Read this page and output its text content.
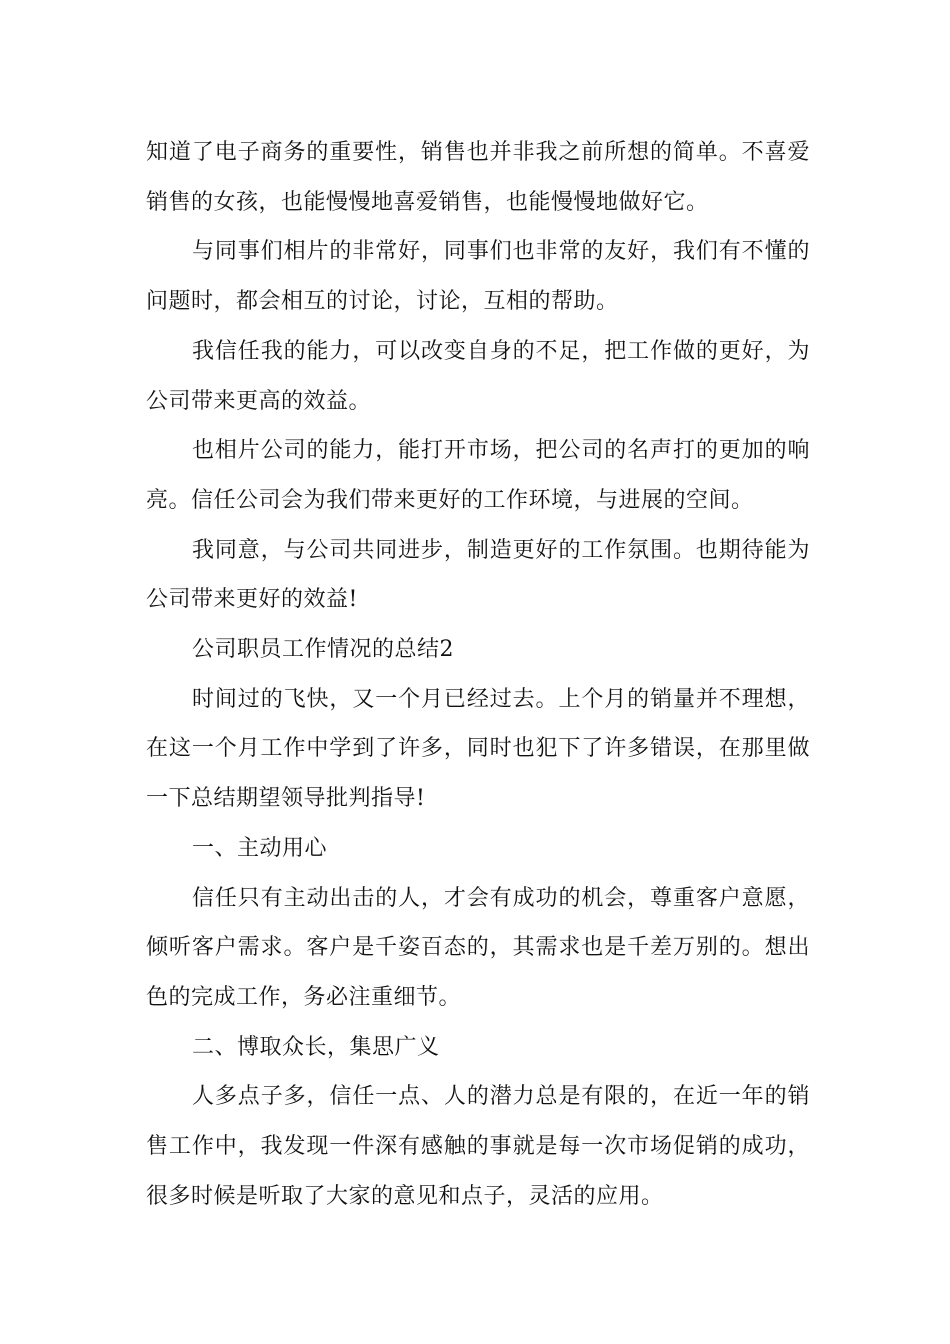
知道了电子商务的重要性，销售也并非我之前所想的简单。不喜爱销售的女孩，也能慢慢地喜爱销售，也能慢慢地做好它。

与同事们相片的非常好，同事们也非常的友好，我们有不懂的问题时，都会相互的讨论，讨论，互相的帮助。

我信任我的能力，可以改变自身的不足，把工作做的更好，为公司带来更高的效益。

也相片公司的能力，能打开市场，把公司的名声打的更加的响亮。信任公司会为我们带来更好的工作环境，与进展的空间。

我同意，与公司共同进步，制造更好的工作氛围。也期待能为公司带来更好的效益!

公司职员工作情况的总结2

时间过的飞快，又一个月已经过去。上个月的销量并不理想，在这一个月工作中学到了许多，同时也犯下了许多错误，在那里做一下总结期望领导批判指导!

一、主动用心

信任只有主动出击的人，才会有成功的机会，尊重客户意愿，倾听客户需求。客户是千姿百态的，其需求也是千差万别的。想出色的完成工作，务必注重细节。

二、博取众长，集思广义

人多点子多，信任一点、人的潜力总是有限的，在近一年的销售工作中，我发现一件深有感触的事就是每一次市场促销的成功，很多时候是听取了大家的意见和点子，灵活的应用。
